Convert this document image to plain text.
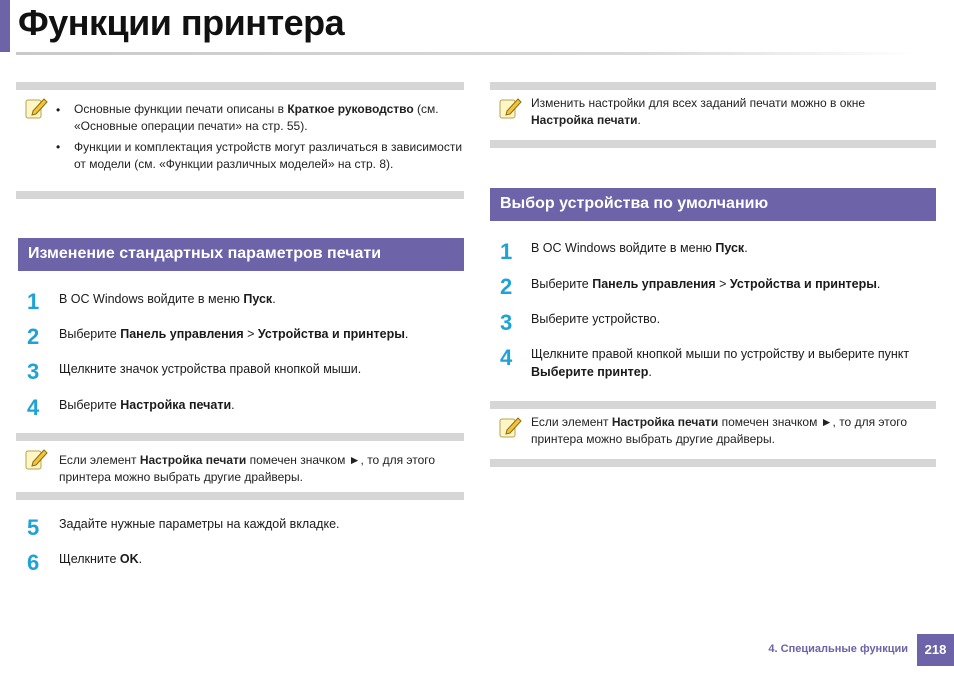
Функции принтера
• Основные функции печати описаны в Краткое руководство (см. «Основные операции печати» на стр. 55).
• Функции и комплектация устройств могут различаться в зависимости от модели (см. «Функции различных моделей» на стр. 8).
Изменение стандартных параметров печати
1 В ОС Windows войдите в меню Пуск.
2 Выберите Панель управления > Устройства и принтеры.
3 Щелкните значок устройства правой кнопкой мыши.
4 Выберите Настройка печати.
Если элемент Настройка печати помечен значком ►, то для этого принтера можно выбрать другие драйверы.
5 Задайте нужные параметры на каждой вкладке.
6 Щелкните OK.
Изменить настройки для всех заданий печати можно в окне Настройка печати.
Выбор устройства по умолчанию
1 В ОС Windows войдите в меню Пуск.
2 Выберите Панель управления > Устройства и принтеры.
3 Выберите устройство.
4 Щелкните правой кнопкой мыши по устройству и выберите пункт Выберите принтер.
Если элемент Настройка печати помечен значком ►, то для этого принтера можно выбрать другие драйверы.
4. Специальные функции	218
